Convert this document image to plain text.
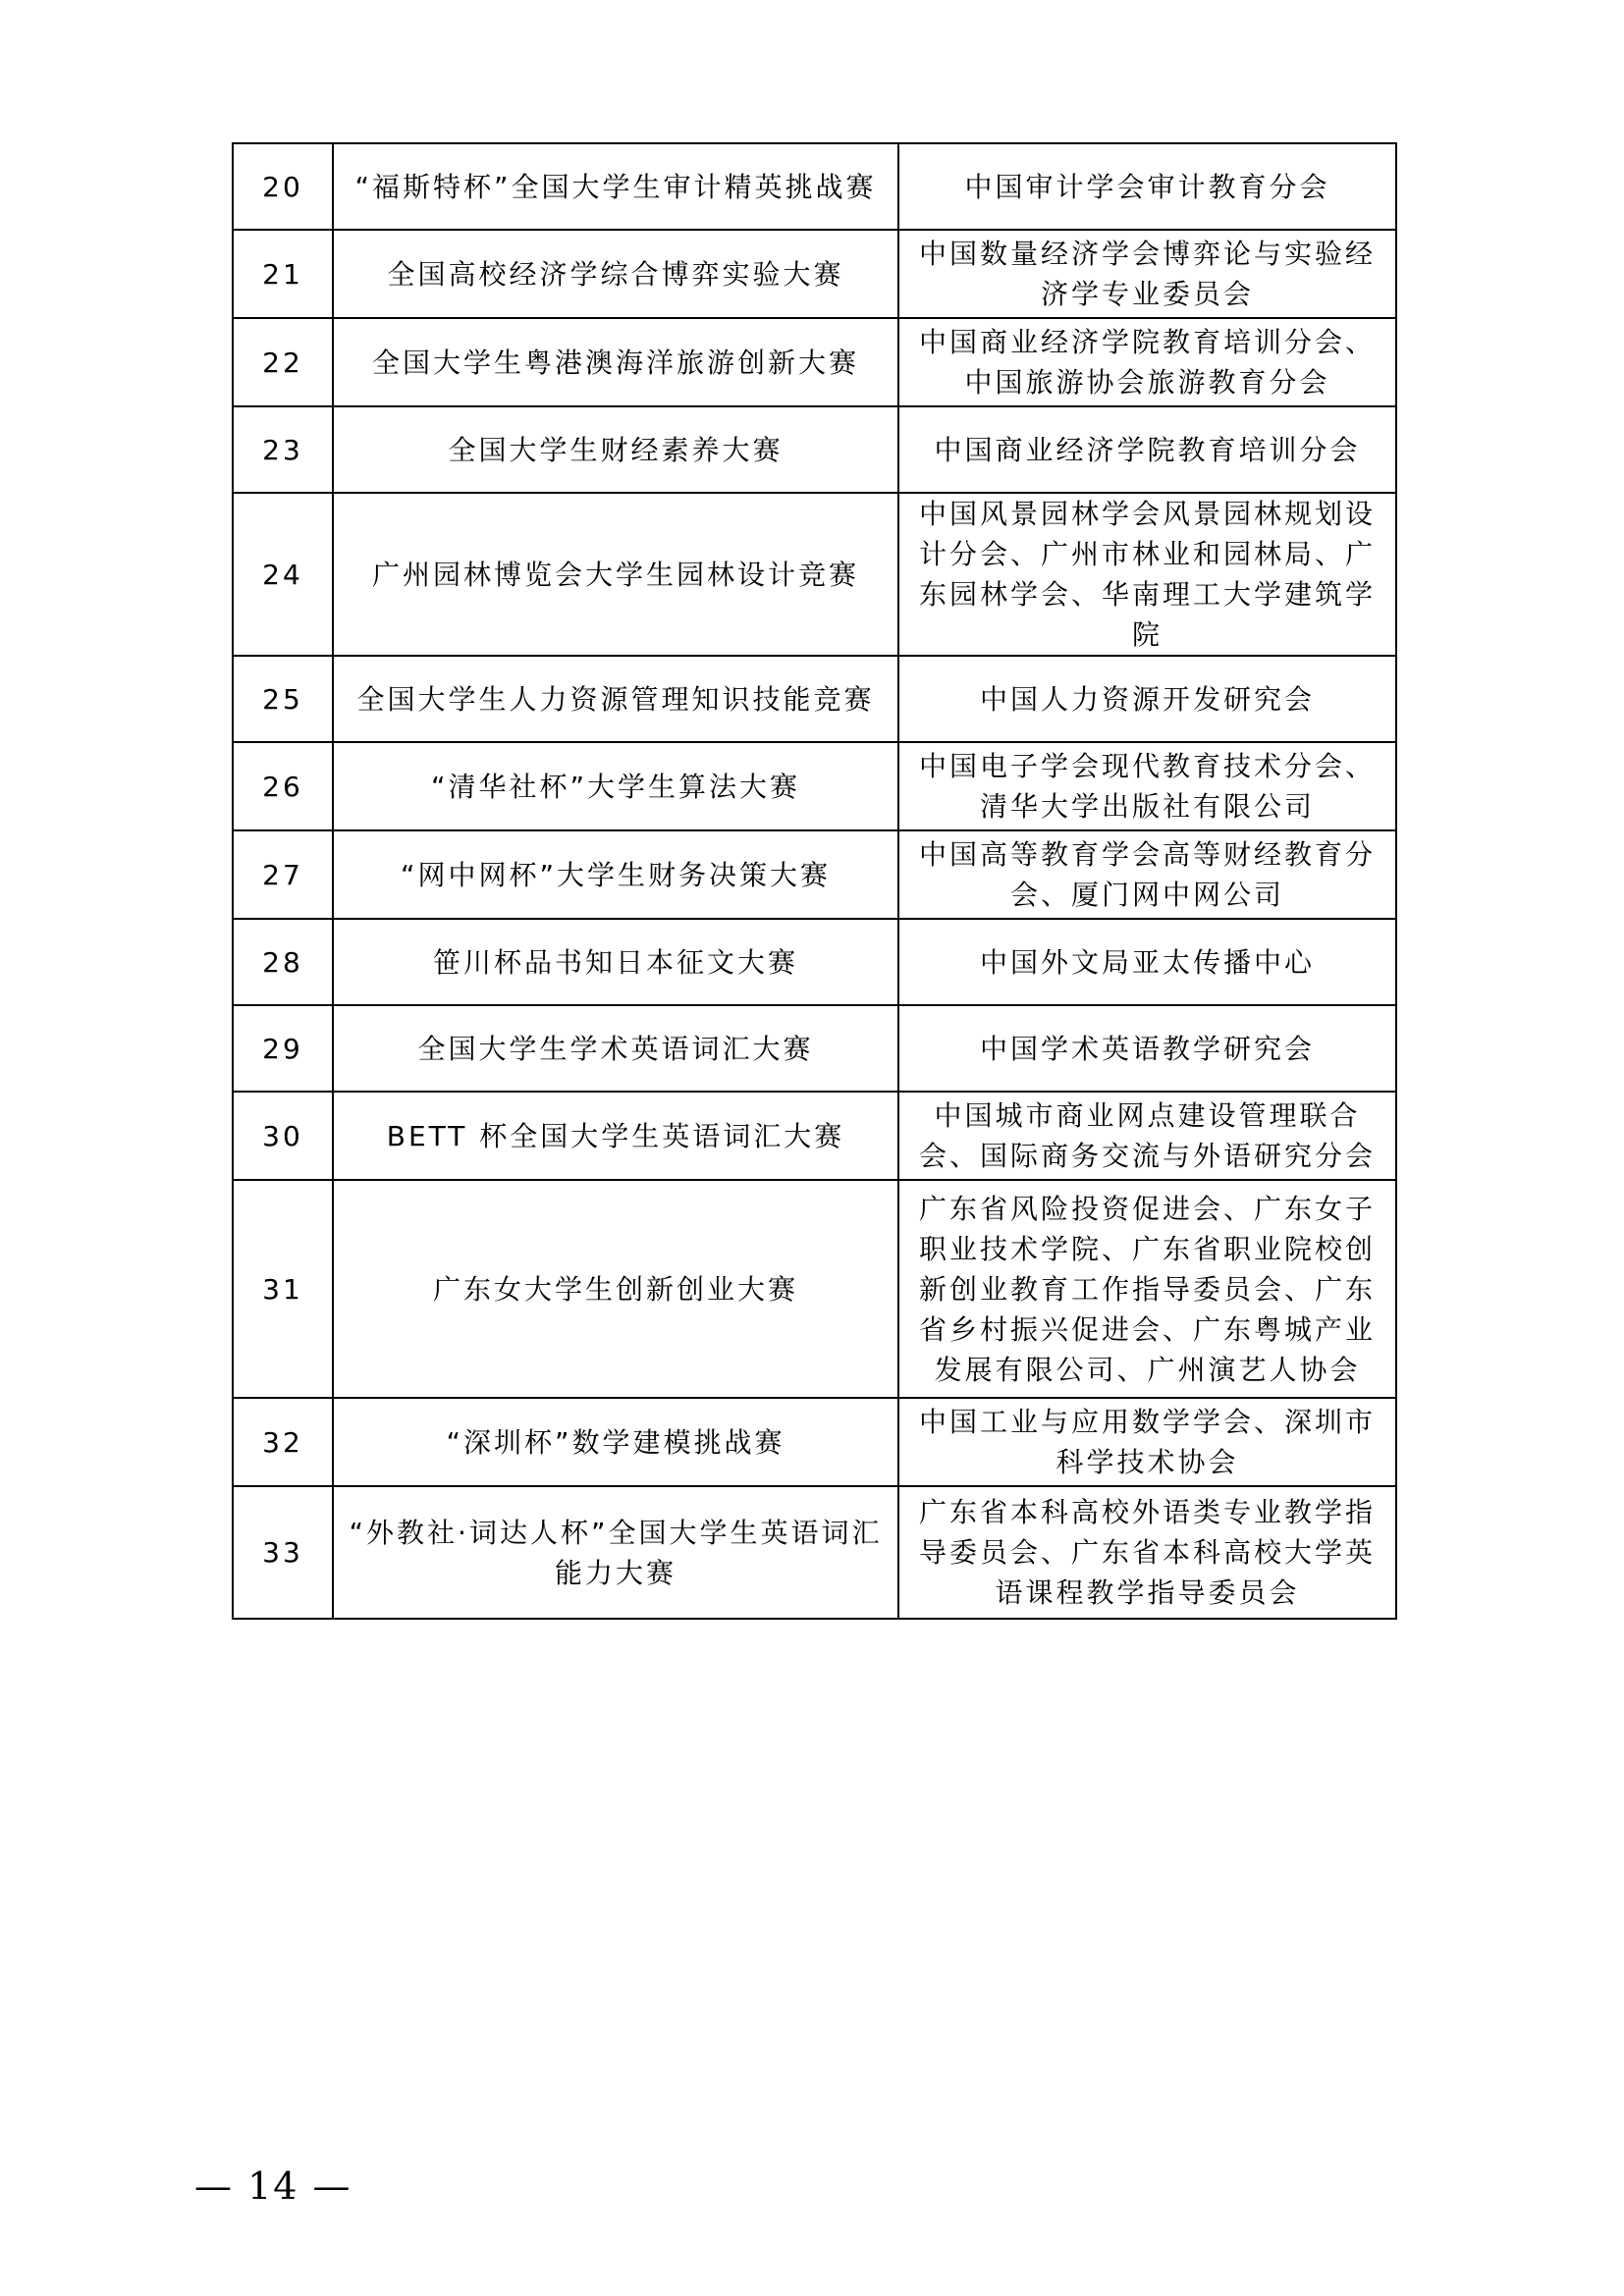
20	“福斯特杯”全国大学生审计精英挑战赛	中国审计学会审计教育分会
21	全国高校经济学综合博弈实验大赛	中国数量经济学会博弈论与实验经济学专业委员会
22	全国大学生粤港澳海洋旅游创新大赛	中国商业经济学院教育培训分会、中国旅游协会旅游教育分会
23	全国大学生财经素养大赛	中国商业经济学院教育培训分会
24	广州园林博览会大学生园林设计竞赛	中国风景园林学会风景园林规划设计分会、广州市林业和园林局、广东园林学会、华南理工大学建筑学院
25	全国大学生人力资源管理知识技能竞赛	中国人力资源开发研究会
26	“清华社杯”大学生算法大赛	中国电子学会现代教育技术分会、清华大学出版社有限公司
27	“网中网杯”大学生财务决策大赛	中国高等教育学会高等财经教育分会、厦门网中网公司
28	笹川杯品书知日本征文大赛	中国外文局亚太传播中心
29	全国大学生学术英语词汇大赛	中国学术英语教学研究会
30	BETT 杯全国大学生英语词汇大赛	中国城市商业网点建设管理联合会、国际商务交流与外语研究分会
31	广东女大学生创新创业大赛	广东省风险投资促进会、广东女子职业技术学院、广东省职业院校创新创业教育工作指导委员会、广东省乡村振兴促进会、广东粤城产业发展有限公司、广州演艺人协会
32	“深圳杯”数学建模挑战赛	中国工业与应用数学学会、深圳市科学技术协会
33	“外教社·词达人杯”全国大学生英语词汇能力大赛	广东省本科高校外语类专业教学指导委员会、广东省本科高校大学英语课程教学指导委员会
— 14 —
